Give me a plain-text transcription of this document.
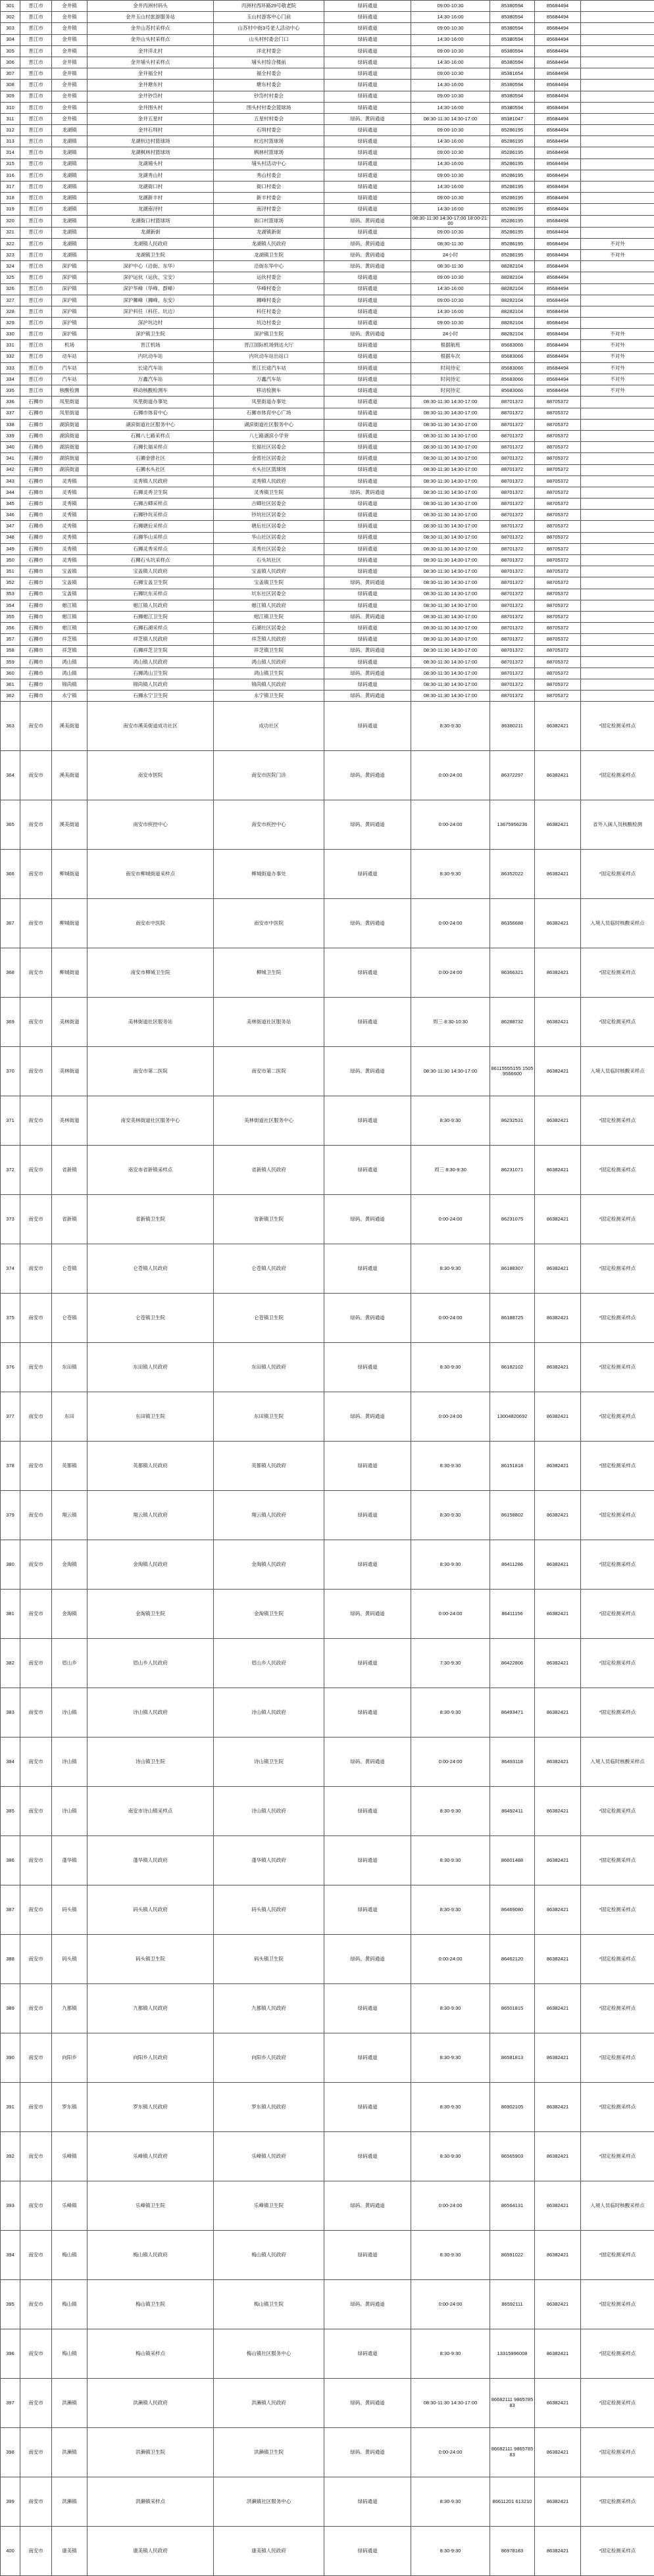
301	晋江市	金井镇	金井丙洲村码头	丙洲村西环路29号敬老院	绿码通道	09:00-10:30	85380594	85684494	
302	晋江市	金井镇	金井玉山村旅游服务站	玉山村游客中心门前	绿码通道	14:30-16:00	85380594	85684494	
303	晋江市	金井镇	金井山苏村采样点	山苏村中街3号老人活动中心	绿码通道	09:00-10:30	85380594	85684494	
304	晋江市	金井镇	金井山头村采样点	山头村村委会门口	绿码通道	14:30-16:00	85380594	85684494	
305	晋江市	金井镇	金井洋北村	洋北村委会	绿码通道	09:00-10:30	85380594	85684494	
306	晋江市	金井镇	金井埔头村采样点	埔头村综合楼前	绿码通道	14:30-16:00	85380594	85684494	
307	晋江市	金井镇	金井福全村	福全村委会	绿码通道	09:00-10:30	85381654	85684494	
308	晋江市	金井镇	金井塘东村	塘东村委会	绿码通道	14:30-16:00	85380594	85684494	
309	晋江市	金井镇	金井钞岱村	钞岱村村委会	绿码通道	09:00-10:30	85380594	85684494	
310	晋江市	金井镇	金井围头村	围头村村委会篮球场	绿码通道	14:30-16:00	85380594	85684494	
311	晋江市	金井镇	金井五星村	五星村村委会	绿码、黄码通道	08:30-11:30 14:30-17:00	85381047	85684494	
312	晋江市	龙湖镇	金井石圳村	石圳村委会	绿码通道	09:00-10:30	85286195	85684494	
313	晋江市	龙湖镇	龙湖杭边村篮球场	杭边村篮球场	绿码通道	14:30-16:00	85286195	85684494	
314	晋江市	龙湖镇	龙湖枫林村篮球场	枫林村篮球场	绿码通道	09:00-10:30	85286195	85684494	
315	晋江市	龙湖镇	龙湖埔头村	埔头村活动中心	绿码通道	14:30-16:00	85286195	85684494	
316	晋江市	龙湖镇	龙湖秀山村	秀山村委会	绿码通道	09:00-10:30	85286195	85684494	
317	晋江市	龙湖镇	龙湖衙口村	衙口村委会	绿码通道	14:30-16:00	85286195	85684494	
318	晋江市	龙湖镇	龙湖新丰村	新丰村委会	绿码通道	09:00-10:30	85286195	85684494	
319	晋江市	龙湖镇	龙湖南浔村	南浔村委会	绿码通道	14:30-16:00	85286195	85684494	
320	晋江市	龙湖镇	龙湖衙口村篮球场	衙口村篮球场	绿码、黄码通道	08:30-11:30 14:30-17:00 18:00-21:00	85286195	85684494	
321	晋江市	龙湖镇	龙湖新街	龙湖镇新街	绿码通道	09:00-10:30	85286195	85684494	
322	晋江市	龙湖镇	龙湖镇人民政府	龙湖镇人民政府	绿码、黄码通道	08:30-11:30	85286195	85684494	不对外
323	晋江市	龙湖镇	龙湖镇卫生院	龙湖镇卫生院	绿码、黄码通道	24小时	85286195	85684494	不对外
324	晋江市	深沪镇	深沪中心（沿街、东华）	沿街东华中心	绿码、黄码通道	08:30-11:30	88282104	85684494	
325	晋江市	深沪镇	深沪运伙（运伙、宝安）	运伙村委会	绿码通道	09:00-10:30	88282104	85684494	
326	晋江市	深沪镇	深沪华峰（华峰、群峰）	华峰村委会	绿码通道	14:30-16:00	88282104	85684494	
327	晋江市	深沪镇	深沪狮峰（狮峰、东安）	狮峰村委会	绿码通道	09:00-10:30	88282104	85684494	
328	晋江市	深沪镇	深沪科任（科任、坑边）	科任村委会	绿码通道	14:30-16:00	88282104	85684494	
329	晋江市	深沪镇	深沪坑边村	坑边村委会	绿码通道	09:00-10:30	88282104	85684494	
330	晋江市	深沪镇	深沪镇卫生院	深沪镇卫生院	绿码、黄码通道	24小时	88282104	85684494	不对外
331	晋江市	机场	晋江机场	晋江国际机场到达大厅	绿码通道	根据航班	85683066	85684494	不对外
332	晋江市	动车站	内坑动车站	内坑动车站出站口	绿码通道	根据车次	85683066	85684494	不对外
333	晋江市	汽车站	长途汽车站	晋江长途汽车站	绿码通道	时间待定	85683066	85684494	不对外
334	晋江市	汽车站	万鑫汽车站	万鑫汽车站	绿码通道	时间待定	85683066	85684494	不对外
335	晋江市	核酸检测	移动核酸检测车	移动检测车	绿码通道	时间待定	85683066	85684494	不对外
336	石狮市	凤里街道	凤里街道办事处	凤里街道办事处	绿码通道	08:30-11:30 14:30-17:00	88701372	88705372	
337	石狮市	凤里街道	石狮市体育中心	石狮市体育中心广场	绿码通道	08:30-11:30 14:30-17:00	88701372	88705372	
338	石狮市	湖滨街道	湖滨街道社区服务中心	湖滨街道社区服务中心	绿码通道	08:30-11:30 14:30-17:00	88701372	88705372	
339	石狮市	湖滨街道	石狮八七路采样点	八七路湖滨小学旁	绿码通道	08:30-11:30 14:30-17:00	88701372	88705372	
340	石狮市	湖滨街道	石狮长福采样点	长福社区居委会	绿码通道	08:30-11:30 14:30-17:00	88701372	88705372	
341	石狮市	湖滨街道	石狮金曾社区	金曾社区居委会	绿码通道	08:30-11:30 14:30-17:00	88701372	88705372	
342	石狮市	湖滨街道	石狮水头社区	水头社区篮球场	绿码通道	08:30-11:30 14:30-17:00	88701372	88705372	
343	石狮市	灵秀镇	灵秀镇人民政府	灵秀镇人民政府	绿码通道	08:30-11:30 14:30-17:00	88701372	88705372	
344	石狮市	灵秀镇	石狮灵秀卫生院	灵秀镇卫生院	绿码、黄码通道	08:30-11:30 14:30-17:00	88701372	88705372	
345	石狮市	灵秀镇	石狮古卿采样点	古卿社区居委会	绿码通道	08:30-11:30 14:30-17:00	88701372	88705372	
346	石狮市	灵秀镇	石狮钞坑采样点	钞坑社区居委会	绿码通道	08:30-11:30 14:30-17:00	88701372	88705372	
347	石狮市	灵秀镇	石狮塘后采样点	塘后社区居委会	绿码通道	08:30-11:30 14:30-17:00	88701372	88705372	
348	石狮市	灵秀镇	石狮华山采样点	华山社区居委会	绿码通道	08:30-11:30 14:30-17:00	88701372	88705372	
349	石狮市	灵秀镇	石狮灵秀采样点	灵秀社区居委会	绿码通道	08:30-11:30 14:30-17:00	88701372	88705372	
350	石狮市	灵秀镇	石狮石头坑采样点	石头坑社区	绿码通道	08:30-11:30 14:30-17:00	88701372	88705372	
351	石狮市	宝盖镇	宝盖镇人民政府	宝盖镇人民政府	绿码通道	08:30-11:30 14:30-17:00	88701372	88705372	
352	石狮市	宝盖镇	石狮宝盖卫生院	宝盖镇卫生院	绿码、黄码通道	08:30-11:30 14:30-17:00	88701372	88705372	
353	石狮市	宝盖镇	石狮坑东采样点	坑东社区居委会	绿码通道	08:30-11:30 14:30-17:00	88701372	88705372	
354	石狮市	蚶江镇	蚶江镇人民政府	蚶江镇人民政府	绿码通道	08:30-11:30 14:30-17:00	88701372	88705372	
355	石狮市	蚶江镇	石狮蚶江卫生院	蚶江镇卫生院	绿码、黄码通道	08:30-11:30 14:30-17:00	88701372	88705372	
356	石狮市	蚶江镇	石狮石湖采样点	石湖社区居委会	绿码通道	08:30-11:30 14:30-17:00	88701372	88705372	
357	石狮市	祥芝镇	祥芝镇人民政府	祥芝镇人民政府	绿码通道	08:30-11:30 14:30-17:00	88701372	88705372	
358	石狮市	祥芝镇	石狮祥芝卫生院	祥芝镇卫生院	绿码、黄码通道	08:30-11:30 14:30-17:00	88701372	88705372	
359	石狮市	鸿山镇	鸿山镇人民政府	鸿山镇人民政府	绿码通道	08:30-11:30 14:30-17:00	88701372	88705372	
360	石狮市	鸿山镇	石狮鸿山卫生院	鸿山镇卫生院	绿码、黄码通道	08:30-11:30 14:30-17:00	88701372	88705372	
361	石狮市	锦尚镇	锦尚镇人民政府	锦尚镇人民政府	绿码通道	08:30-11:30 14:30-17:00	88701372	88705372	
362	石狮市	永宁镇	石狮永宁卫生院	永宁镇卫生院	绿码、黄码通道	08:30-11:30 14:30-17:00	88701372	88705372	
363	南安市	溪美街道	南安市溪美街道成功社区	成功社区	绿码通道	8:30-9:30	86380211	86382421	*固定检测采样点
364	南安市	溪美街道	南安市医院	南安市医院门诊	绿码、黄码通道	0:00-24:00	86372297	86382421	*固定检测采样点
365	南安市	溪美街道	南安市疾控中心	南安市疾控中心	绿码、黄码通道	0:00-24:00	13675956236	86382421	省外入闽人员核酸检测
366	南安市	柳城街道	南安市柳城街道采样点	柳城街道办事处	绿码通道	8:30-9:30	86352022	86382421	*固定检测采样点
367	南安市	柳城街道	南安市中医院	南安市中医院	绿码、黄码通道	0:00-24:00	86356688	86382421	入境人员临时核酸采样点
368	南安市	柳城街道	南安市柳城卫生院	柳城卫生院	绿码通道	0:00-24:00	86366321	86382421	*固定检测采样点
369	南安市	美林街道	美林街道社区服务站	美林街道社区服务站	绿码通道	周三 8:30-10:30	86288732	86382421	*固定检测采样点
370	南安市	美林街道	南安市第二医院	南安市第二医院	绿码、黄码通道	08:30-11:30 14:30-17:00	86115555155 15059566600	86382421	入境人员临时核酸采样点
371	南安市	美林街道	南安美林街道社区服务中心	美林街道社区服务中心	绿码通道	8:30-9:30	86232531	86382421	*固定检测采样点
372	南安市	省新镇	南安市省新镇采样点	省新镇人民政府	绿码通道	周三 8:30-9:30	86231071	86382421	*固定检测采样点
373	南安市	省新镇	省新镇卫生院	省新镇卫生院	绿码、黄码通道	0:00-24:00	86231075	86382421	*固定检测采样点
374	南安市	仑苍镇	仑苍镇人民政府	仑苍镇人民政府	绿码通道	8:30-9:30	86188307	86382421	*固定检测采样点
375	南安市	仑苍镇	仑苍镇卫生院	仑苍镇卫生院	绿码、黄码通道	0:00-24:00	86188725	86382421	*固定检测采样点
376	南安市	东田镇	东田镇人民政府	东田镇人民政府	绿码通道	8:30-9:30	86182102	86382421	*固定检测采样点
377	南安市	东田	东田镇卫生院	东田镇卫生院	绿码、黄码通道	0:00-24:00	13004820692	86382421	*固定检测采样点
378	南安市	英都镇	英都镇人民政府	英都镇人民政府	绿码通道	8:30-9:30	86151818	86382421	*固定检测采样点
379	南安市	翔云镇	翔云镇人民政府	翔云镇人民政府	绿码通道	8:30-9:30	86158802	86382421	*固定检测采样点
380	南安市	金淘镇	金淘镇人民政府	金淘镇人民政府	绿码通道	8:30-9:30	86411286	86382421	*固定检测采样点
381	南安市	金淘镇	金淘镇卫生院	金淘镇卫生院	绿码、黄码通道	0:00-24:00	86411156	86382421	*固定检测采样点
382	南安市	眉山乡	眉山乡人民政府	眉山乡人民政府	绿码通道	7:30-9:30	86422806	86382421	*固定检测采样点
383	南安市	诗山镇	诗山镇人民政府	诗山镇人民政府	绿码通道	8:30-9:30	86493471	86382421	*固定检测采样点
384	南安市	诗山镇	诗山镇卫生院	诗山镇卫生院	绿码、黄码通道	0:00-24:00	86493118	86382421	入境人员临时核酸采样点
385	南安市	诗山镇	南安市诗山镇采样点	诗山镇人民政府	绿码通道	8:30-9:30	86492411	86382421	*固定检测采样点
386	南安市	蓬华镇	蓬华镇人民政府	蓬华镇人民政府	绿码通道	8:30-9:30	86601488	86382421	*固定检测采样点
387	南安市	码头镇	码头镇人民政府	码头镇人民政府	绿码通道	8:30-9:30	86469080	86382421	*固定检测采样点
388	南安市	码头镇	码头镇卫生院	码头镇卫生院	绿码、黄码通道	0:00-24:00	86462120	86382421	*固定检测采样点
389	南安市	九都镇	九都镇人民政府	九都镇人民政府	绿码通道	8:30-9:30	86501815	86382421	*固定检测采样点
390	南安市	向阳乡	向阳乡人民政府	向阳乡人民政府	绿码通道	8:30-9:30	86581813	86382421	*固定检测采样点
391	南安市	罗东镇	罗东镇人民政府	罗东镇人民政府	绿码通道	8:30-9:30	86902105	86382421	*固定检测采样点
392	南安市	乐峰镇	乐峰镇人民政府	乐峰镇人民政府	绿码通道	8:30-9:30	86565903	86382421	*固定检测采样点
393	南安市	乐峰镇	乐峰镇卫生院	乐峰镇卫生院	绿码、黄码通道	0:00-24:00	86564131	86382421	入境人员临时核酸采样点
394	南安市	梅山镇	梅山镇人民政府	梅山镇人民政府	绿码通道	8:30-9:30	86591022	86382421	*固定检测采样点
395	南安市	梅山镇	梅山镇卫生院	梅山镇卫生院	绿码、黄码通道	0:00-24:00	86592111	86382421	*固定检测采样点
396	南安市	梅山镇	梅山镇采样点	梅山镇社区服务中心	绿码通道	8:30-9:30	13315996008	86382421	*固定检测采样点
397	南安市	洪濑镇	洪濑镇人民政府	洪濑镇人民政府	绿码、黄码通道	08:30-11:30 14:30-17:00	86682111 986578583	86382421	*固定检测采样点
398	南安市	洪濑镇	洪濑镇卫生院	洪濑镇卫生院	绿码、黄码通道	0:00-24:00	86682111 986578583	86382421	*固定检测采样点
399	南安市	洪濑镇	洪濑镇采样点	洪濑镇社区服务中心	绿码通道	8:30-9:30	86611201 613210	86382421	*固定检测采样点
400	南安市	康美镇	康美镇人民政府	康美镇人民政府	绿码通道	8:30-9:30	86978183	86382421	*固定检测采样点
